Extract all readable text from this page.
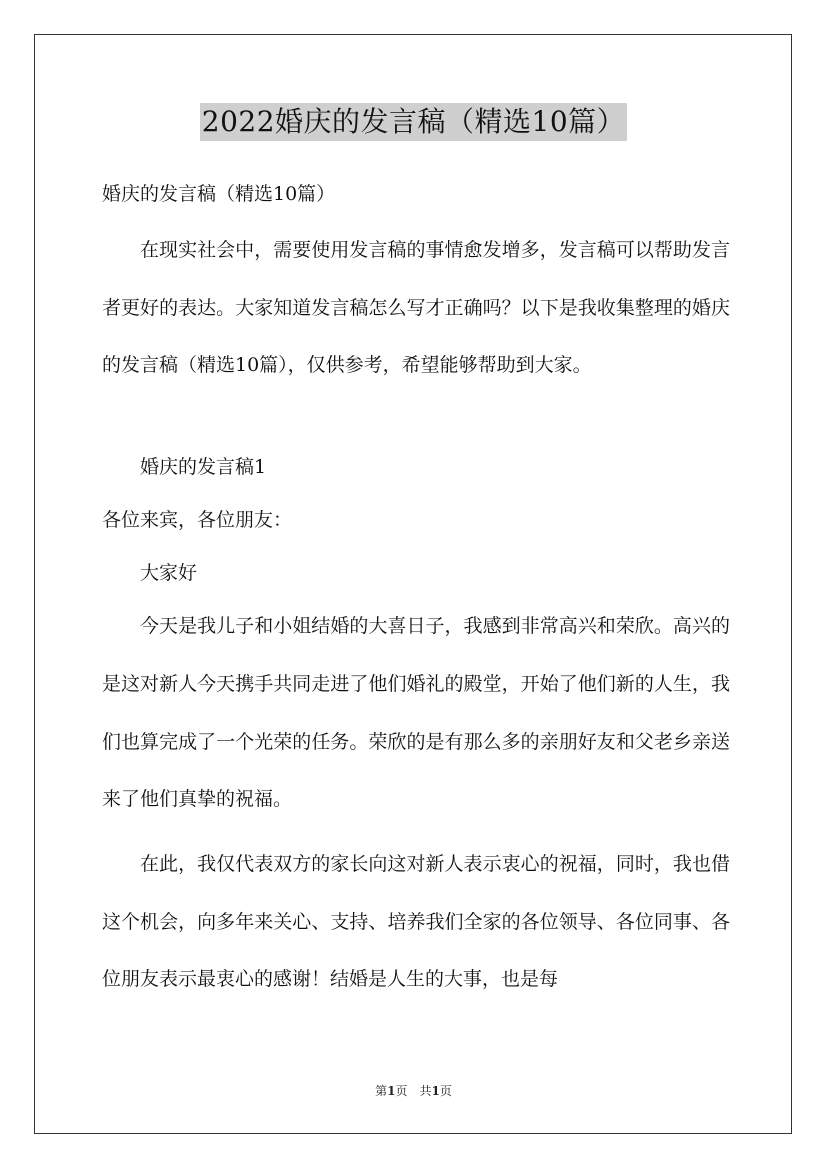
2022婚庆的发言稿（精选10篇）

婚庆的发言稿（精选10篇）

在现实社会中，需要使用发言稿的事情愈发增多，发言稿可以帮助发言者更好的表达。大家知道发言稿怎么写才正确吗？以下是我收集整理的婚庆的发言稿（精选10篇），仅供参考，希望能够帮助到大家。

婚庆的发言稿1

各位来宾，各位朋友：

大家好

今天是我儿子和小姐结婚的大喜日子，我感到非常高兴和荣欣。高兴的是这对新人今天携手共同走进了他们婚礼的殿堂，开始了他们新的人生，我们也算完成了一个光荣的任务。荣欣的是有那么多的亲朋好友和父老乡亲送来了他们真挚的祝福。

在此，我仅代表双方的家长向这对新人表示衷心的祝福，同时，我也借这个机会，向多年来关心、支持、培养我们全家的各位领导、各位同事、各位朋友表示最衷心的感谢！结婚是人生的大事，也是每

第1页　共1页
